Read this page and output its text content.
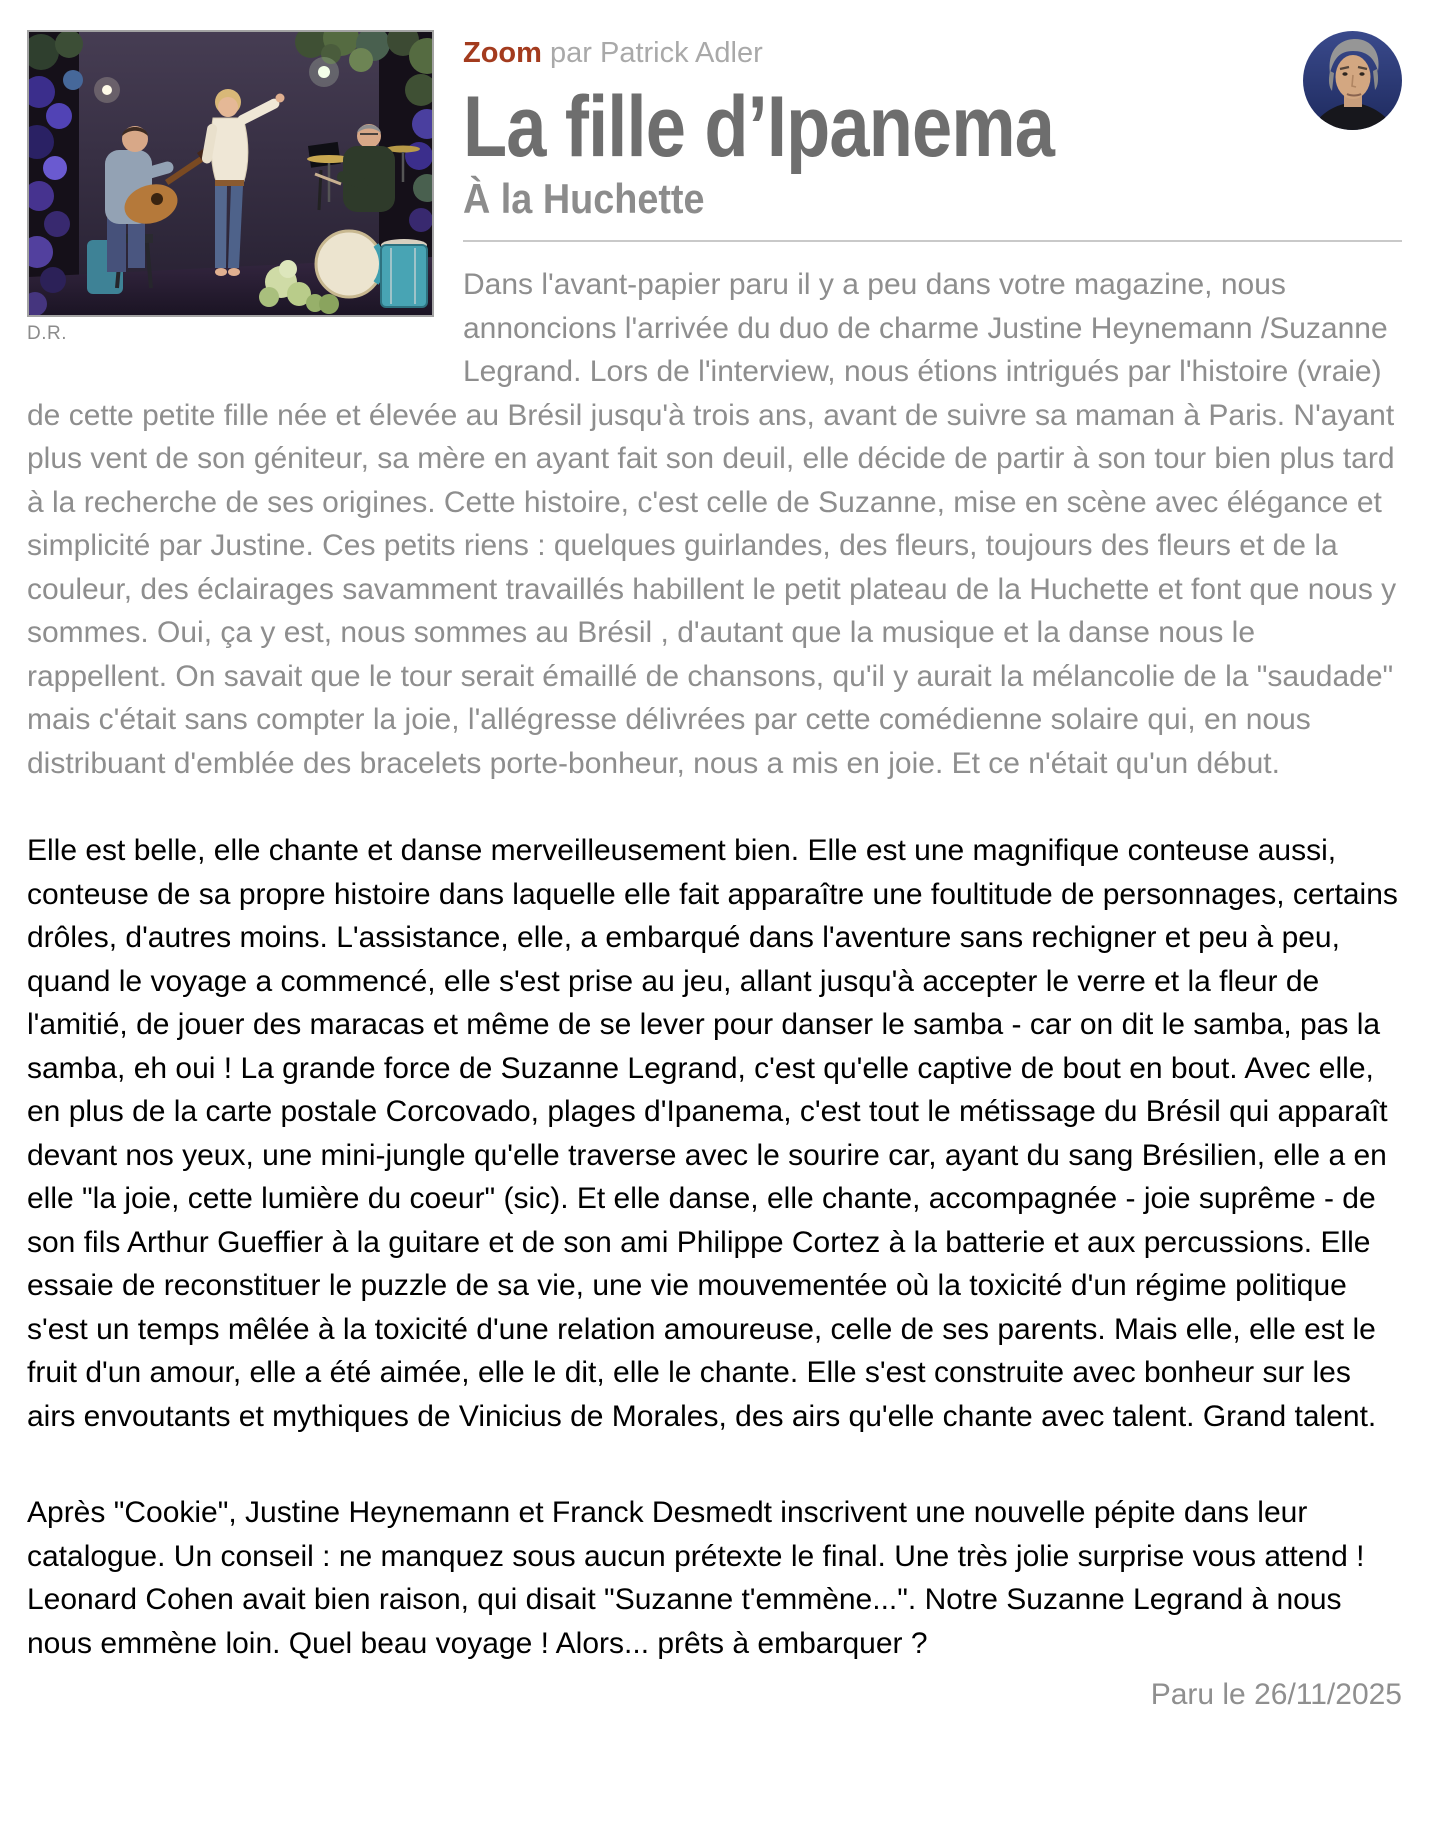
D.R.
Zoom par Patrick Adler
La fille d’Ipanema
À la Huchette

Dans l'avant-papier paru il y a peu dans votre magazine, nous annoncions l'arrivée du duo de charme Justine Heynemann /Suzanne Legrand. Lors de l'interview, nous étions intrigués par l'histoire (vraie) de cette petite fille née et élevée au Brésil jusqu'à trois ans, avant de suivre sa maman à Paris. N'ayant plus vent de son géniteur, sa mère en ayant fait son deuil, elle décide de partir à son tour bien plus tard à la recherche de ses origines. Cette histoire, c'est celle de Suzanne, mise en scène avec élégance et simplicité par Justine. Ces petits riens : quelques guirlandes, des fleurs, toujours des fleurs et de la couleur, des éclairages savamment travaillés habillent le petit plateau de la Huchette et font que nous y sommes. Oui, ça y est, nous sommes au Brésil , d'autant que la musique et la danse nous le rappellent. On savait que le tour serait émaillé de chansons, qu'il y aurait la mélancolie de la "saudade" mais c'était sans compter la joie, l'allégresse délivrées par cette comédienne solaire qui, en nous distribuant d'emblée des bracelets porte-bonheur, nous a mis en joie. Et ce n'était qu'un début.

Elle est belle, elle chante et danse merveilleusement bien. Elle est une magnifique conteuse aussi, conteuse de sa propre histoire dans laquelle elle fait apparaître une foultitude de personnages, certains drôles, d'autres moins. L'assistance, elle, a embarqué dans l'aventure sans rechigner et peu à peu, quand le voyage a commencé, elle s'est prise au jeu, allant jusqu'à accepter le verre et la fleur de l'amitié, de jouer des maracas et même de se lever pour danser le samba - car on dit le samba, pas la samba, eh oui ! La grande force de Suzanne Legrand, c'est qu'elle captive de bout en bout. Avec elle, en plus de la carte postale Corcovado, plages d'Ipanema, c'est tout le métissage du Brésil qui apparaît devant nos yeux, une mini-jungle qu'elle traverse avec le sourire car, ayant du sang Brésilien, elle a en elle "la joie, cette lumière du coeur" (sic). Et elle danse, elle chante, accompagnée - joie suprême - de son fils Arthur Gueffier à la guitare et de son ami Philippe Cortez à la batterie et aux percussions. Elle essaie de reconstituer le puzzle de sa vie, une vie mouvementée où la toxicité d'un régime politique s'est un temps mêlée à la toxicité d'une relation amoureuse, celle de ses parents. Mais elle, elle est le fruit d'un amour, elle a été aimée, elle le dit, elle le chante. Elle s'est construite avec bonheur sur les airs envoutants et mythiques de Vinicius de Morales, des airs qu'elle chante avec talent. Grand talent.

Après "Cookie", Justine Heynemann et Franck Desmedt inscrivent une nouvelle pépite dans leur catalogue. Un conseil : ne manquez sous aucun prétexte le final. Une très jolie surprise vous attend ! Leonard Cohen avait bien raison, qui disait "Suzanne t'emmène...". Notre Suzanne Legrand à nous nous emmène loin. Quel beau voyage ! Alors... prêts à embarquer ?

Paru le 26/11/2025
